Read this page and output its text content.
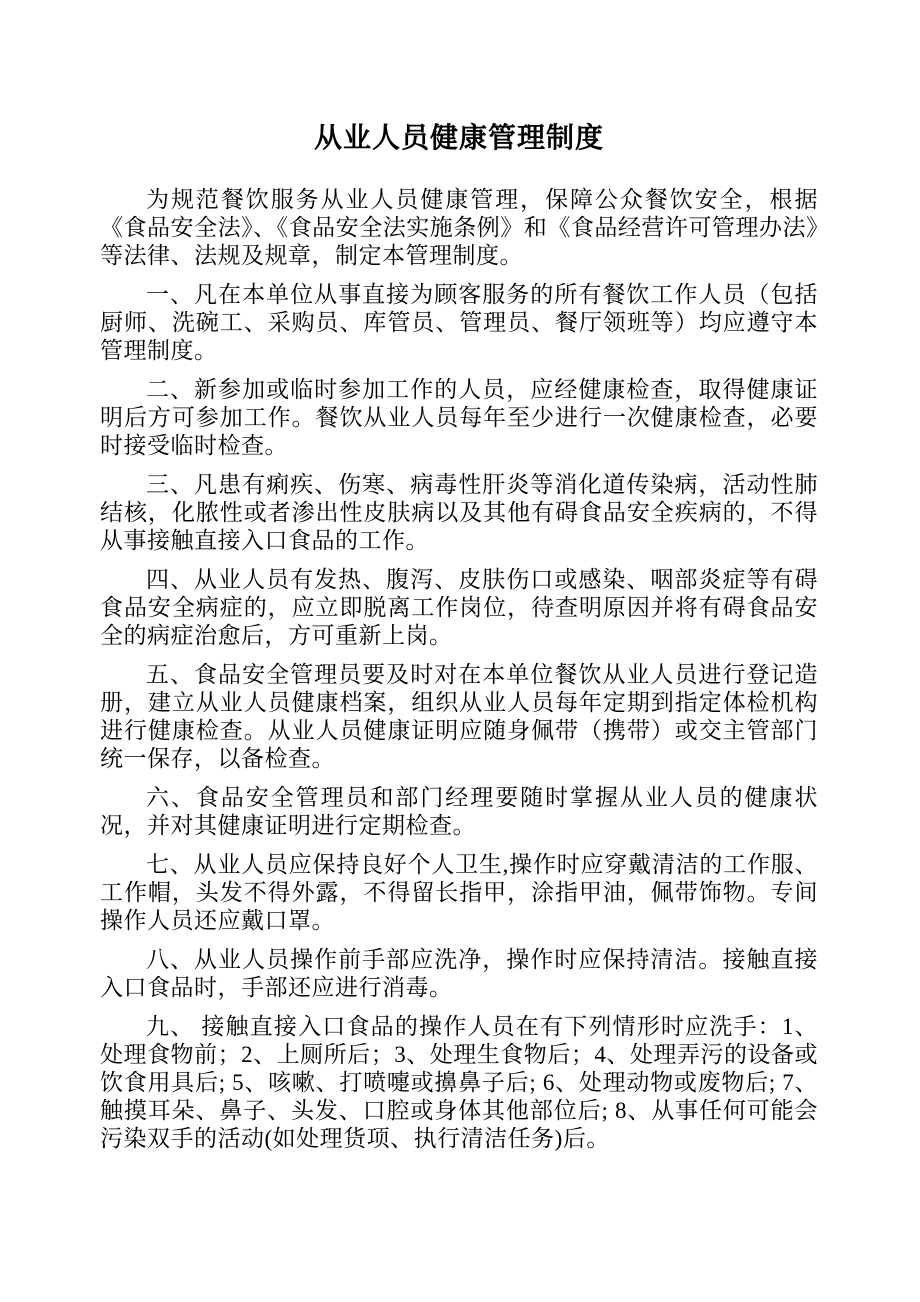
从业人员健康管理制度

为规范餐饮服务从业人员健康管理，保障公众餐饮安全，根据《食品安全法》、《食品安全法实施条例》和《食品经营许可管理办法》等法律、法规及规章，制定本管理制度。

一、凡在本单位从事直接为顾客服务的所有餐饮工作人员（包括厨师、洗碗工、采购员、库管员、管理员、餐厅领班等）均应遵守本管理制度。

二、新参加或临时参加工作的人员，应经健康检查，取得健康证明后方可参加工作。餐饮从业人员每年至少进行一次健康检查，必要时接受临时检查。

三、凡患有痢疾、伤寒、病毒性肝炎等消化道传染病，活动性肺结核，化脓性或者渗出性皮肤病以及其他有碍食品安全疾病的，不得从事接触直接入口食品的工作。

四、从业人员有发热、腹泻、皮肤伤口或感染、咽部炎症等有碍食品安全病症的，应立即脱离工作岗位，待查明原因并将有碍食品安全的病症治愈后，方可重新上岗。

五、食品安全管理员要及时对在本单位餐饮从业人员进行登记造册，建立从业人员健康档案，组织从业人员每年定期到指定体检机构进行健康检查。从业人员健康证明应随身佩带（携带）或交主管部门统一保存，以备检查。

六、食品安全管理员和部门经理要随时掌握从业人员的健康状况，并对其健康证明进行定期检查。

七、从业人员应保持良好个人卫生,操作时应穿戴清洁的工作服、工作帽，头发不得外露，不得留长指甲，涂指甲油，佩带饰物。专间操作人员还应戴口罩。

八、从业人员操作前手部应洗净，操作时应保持清洁。接触直接入口食品时，手部还应进行消毒。

九、 接触直接入口食品的操作人员在有下列情形时应洗手：1、处理食物前；2、上厕所后；3、处理生食物后；4、处理弄污的设备或饮食用具后; 5、咳嗽、打喷嚏或擤鼻子后; 6、处理动物或废物后; 7、触摸耳朵、鼻子、头发、口腔或身体其他部位后; 8、从事任何可能会污染双手的活动(如处理货项、执行清洁任务)后。
